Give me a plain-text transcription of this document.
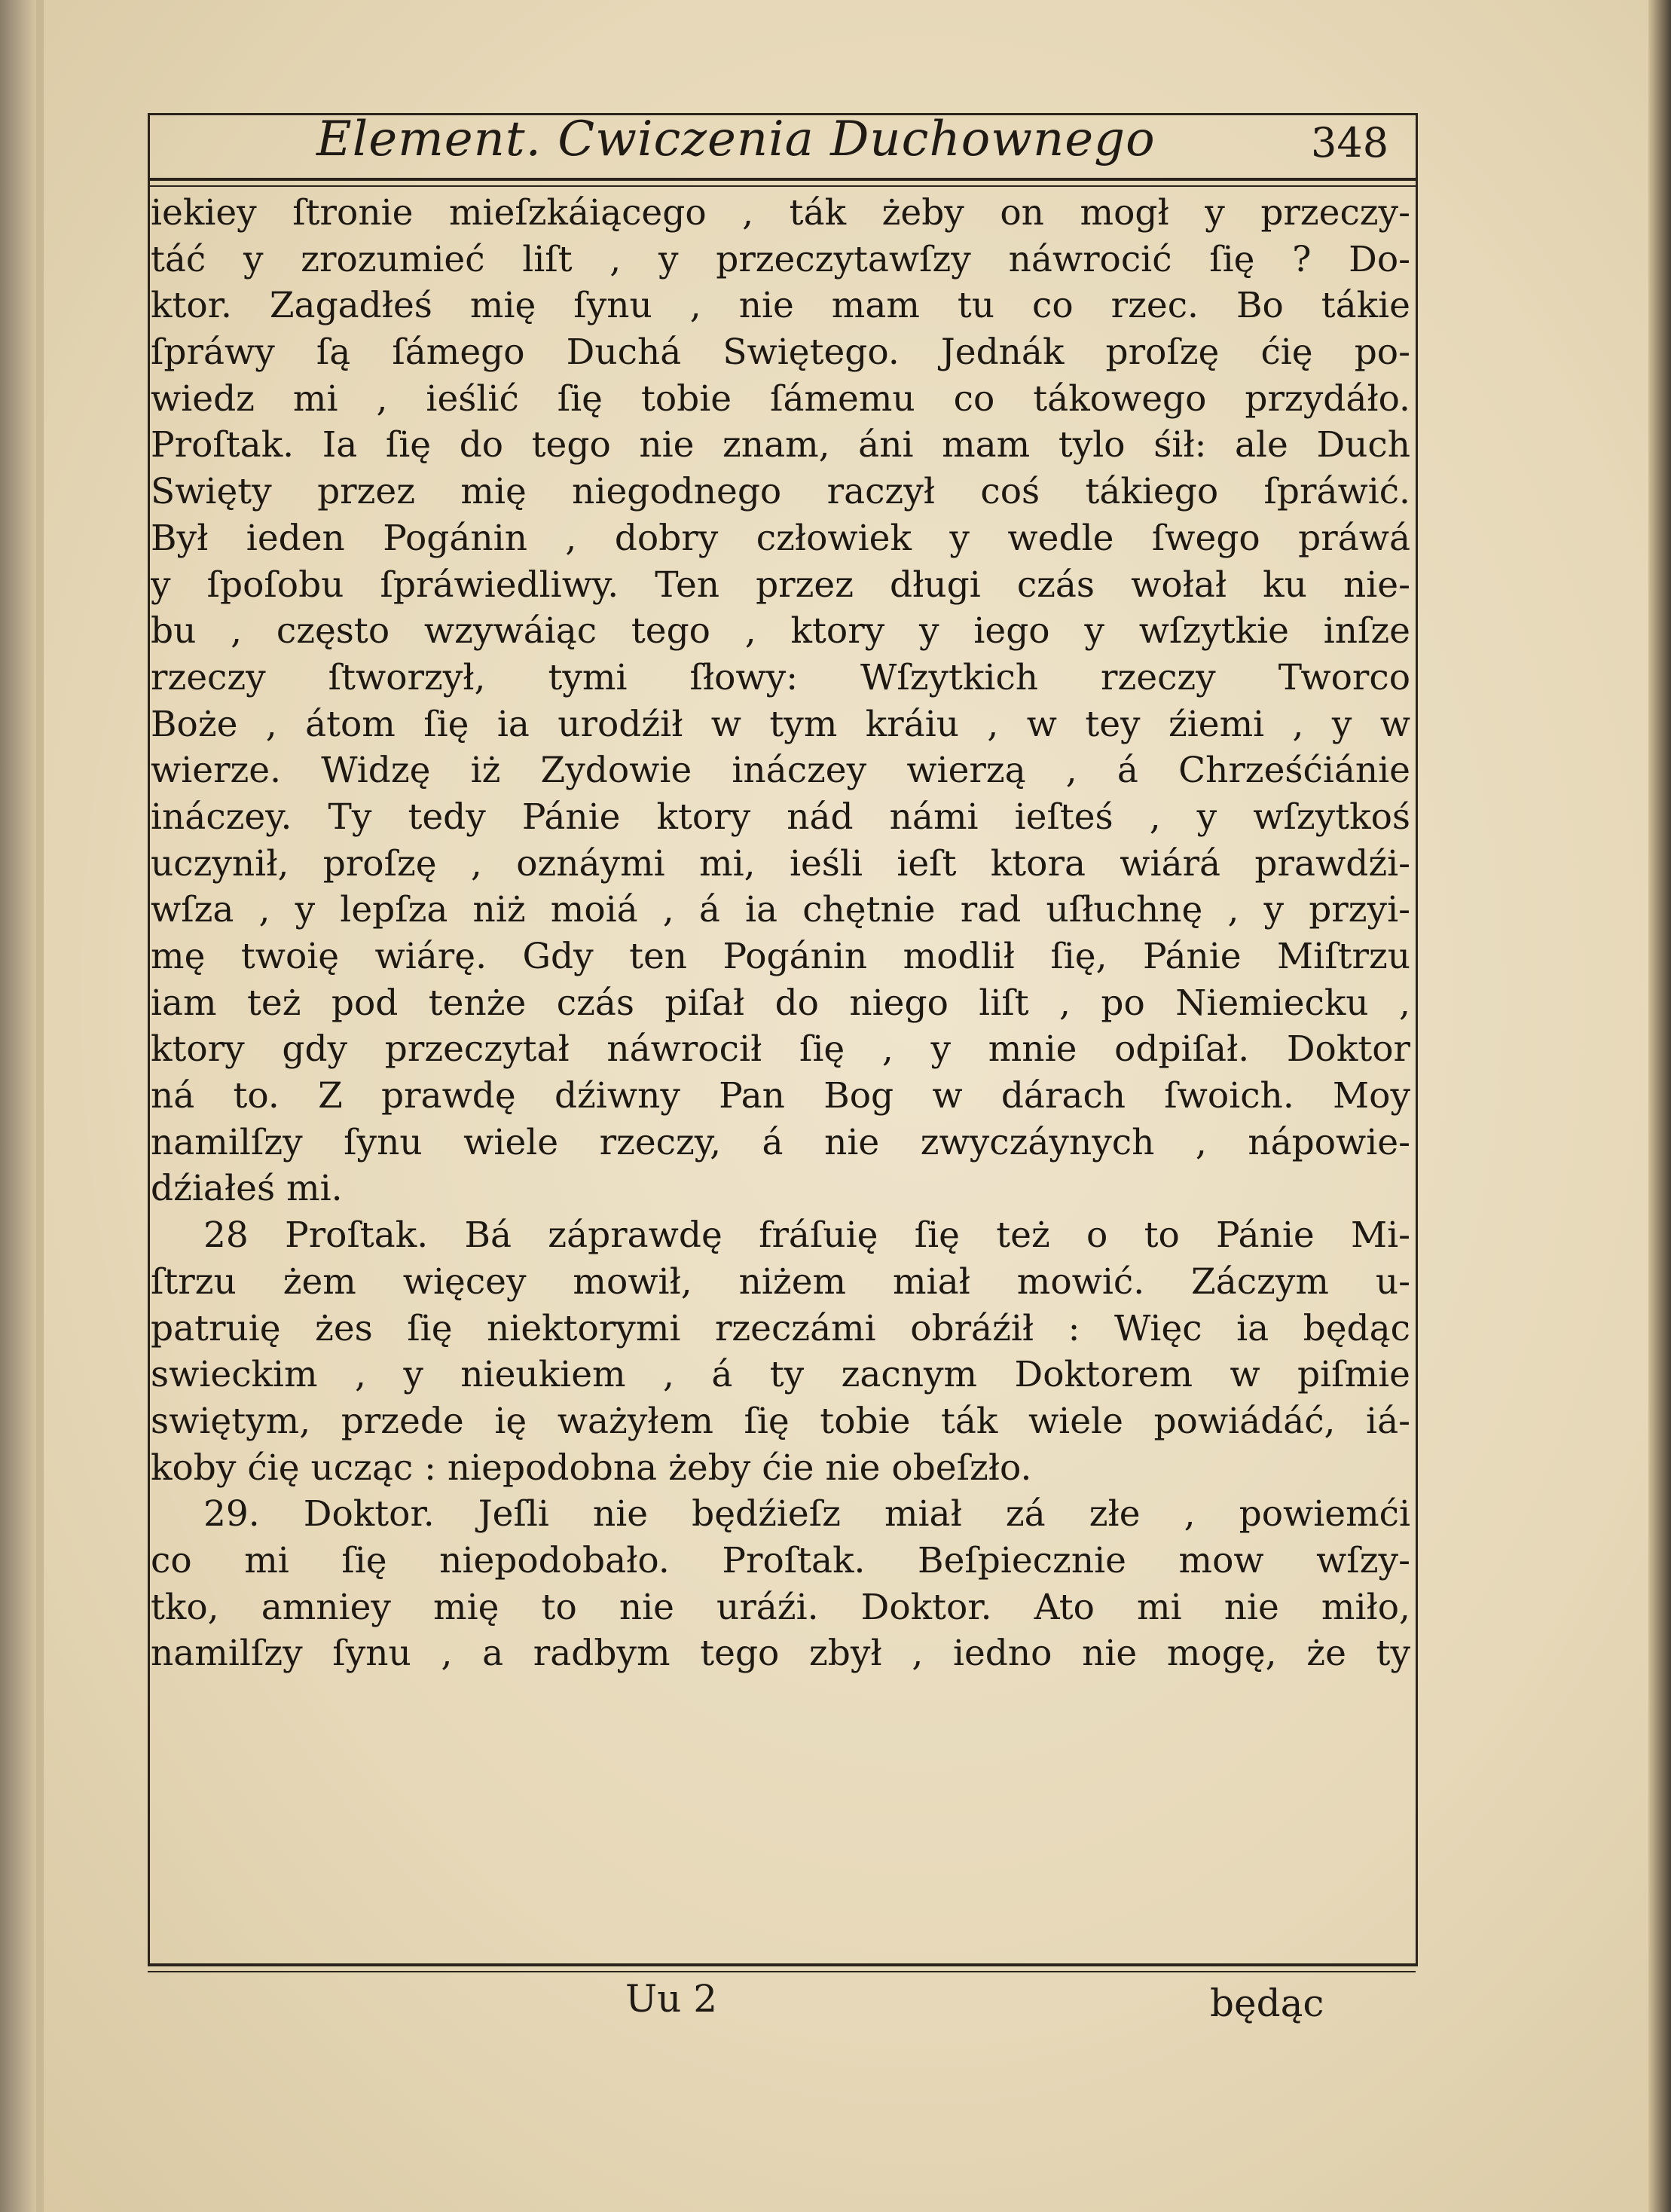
Element. Cwiczenia Duchownego	348
iekiey ſtronie mieſzkáiącego , ták żeby on mogł y przeczy-
táć y zrozumieć liſt , y przeczytawſzy náwrocić ſię ? Do-
ktor. Zagadłeś mię ſynu , nie mam tu co rzec. Bo tákie
ſpráwy ſą ſámego Duchá Swiętego. Jednák proſzę ćię po-
wiedz mi , ieślić ſię tobie ſámemu co tákowego przydáło.
Proſtak. Ia ſię do tego nie znam, áni mam tylo śił: ale Duch
Swięty przez mię niegodnego raczył coś tákiego ſpráwić.
Był ieden Pogánin , dobry człowiek y wedle ſwego práwá
y ſpoſobu ſpráwiedliwy. Ten przez długi czás wołał ku nie-
bu , często wzywáiąc tego , ktory y iego y wſzytkie inſze
rzeczy ſtworzył, tymi ſłowy: Wſzytkich rzeczy Tworco
Boże , átom ſię ia urodźił w tym kráiu , w tey źiemi , y w
wierze. Widzę iż Zydowie ináczey wierzą , á Chrześćiánie
ináczey. Ty tedy Pánie ktory nád námi ieſteś , y wſzytkoś
uczynił, proſzę , oznáymi mi, ieśli ieſt ktora wiárá prawdźi-
wſza , y lepſza niż moiá , á ia chętnie rad uſłuchnę , y przyi-
mę twoię wiárę. Gdy ten Pogánin modlił ſię, Pánie Miſtrzu
iam też pod tenże czás piſał do niego liſt , po Niemiecku ,
ktory gdy przeczytał náwrocił ſię , y mnie odpiſał. Doktor
ná to. Z prawdę dźiwny Pan Bog w dárach ſwoich. Moy
namilſzy ſynu wiele rzeczy, á nie zwyczáynych , nápowie-
dźiałeś mi.
28 Proſtak. Bá záprawdę fráſuię ſię też o to Pánie Mi-
ſtrzu żem więcey mowił, niżem miał mowić. Záczym u-
patruię żes ſię niektorymi rzeczámi obráźił : Więc ia będąc
swieckim , y nieukiem , á ty zacnym Doktorem w piſmie
swiętym, przede ię ważyłem ſię tobie ták wiele powiádáć, iá-
koby ćię ucząc : niepodobna żeby ćie nie obeſzło.
29. Doktor. Jeſli nie będźieſz miał zá złe , powiemći
co mi ſię niepodobało. Proſtak. Beſpiecznie mow wſzy-
tko, amniey mię to nie uráźi. Doktor. Ato mi nie miło,
namilſzy ſynu , a radbym tego zbył , iedno nie mogę, że ty
Uu 2	będąc
